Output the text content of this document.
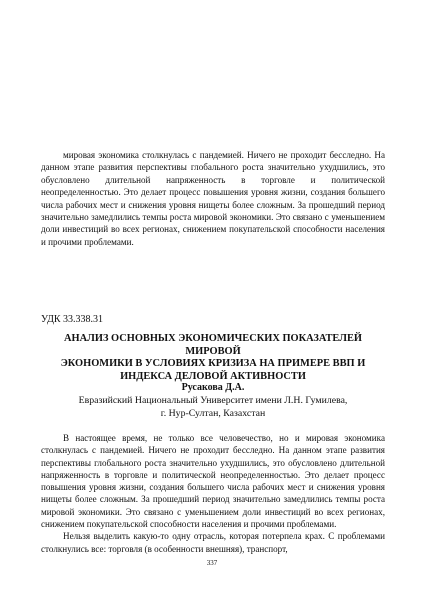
мировая экономика столкнулась с пандемией. Ничего не проходит бесследно. На данном этапе развития перспективы глобального роста значительно ухудшились, это обусловлено длительной напряженность в торговле и политической неопределенностью. Это делает процесс повышения уровня жизни, создания большего числа рабочих мест и снижения уровня нищеты более сложным. За прошедший период значительно замедлились темпы роста мировой экономики. Это связано с уменьшением доли инвестиций во всех регионах, снижением покупательской способности населения и прочими проблемами.

УДК 33.338.31

АНАЛИЗ ОСНОВНЫХ ЭКОНОМИЧЕСКИХ ПОКАЗАТЕЛЕЙ МИРОВОЙ
ЭКОНОМИКИ В УСЛОВИЯХ КРИЗИЗА НА ПРИМЕРЕ ВВП И
ИНДЕКСА ДЕЛОВОЙ АКТИВНОСТИ
Русакова Д.А.
Евразийский Национальный Университет имени Л.Н. Гумилева,
г. Нур-Султан, Казахстан

В настоящее время, не только все человечество, но и мировая экономика столкнулась с пандемией. Ничего не проходит бесследно. На данном этапе развития перспективы глобального роста значительно ухудшились, это обусловлено длительной напряженность в торговле и политической неопределенностью. Это делает процесс повышения уровня жизни, создания большего числа рабочих мест и снижения уровня нищеты более сложным. За прошедший период значительно замедлились темпы роста мировой экономики. Это связано с уменьшением доли инвестиций во всех регионах, снижением покупательской способности населения и прочими проблемами.

Нельзя выделить какую-то одну отрасль, которая потерпела крах. С проблемами столкнулись все: торговля (в особенности внешняя), транспорт,

337
